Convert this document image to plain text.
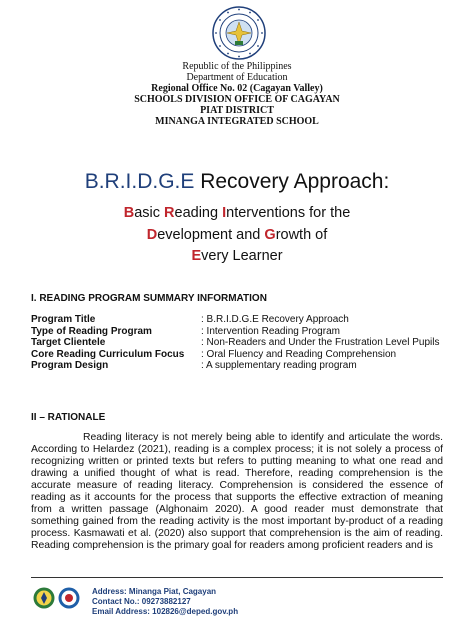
Republic of the Philippines
Department of Education
Regional Office No. 02 (Cagayan Valley)
SCHOOLS DIVISION OFFICE OF CAGAYAN
PIAT DISTRICT
MINANGA INTEGRATED SCHOOL
B.R.I.D.G.E Recovery Approach:
Basic Reading Interventions for the
Development and Growth of
Every Learner
I. READING PROGRAM SUMMARY INFORMATION
Program Title	: B.R.I.D.G.E Recovery Approach
Type of Reading Program	: Intervention Reading Program
Target Clientele	: Non-Readers and Under the Frustration Level Pupils
Core Reading Curriculum Focus : Oral Fluency and Reading Comprehension
Program Design	: A supplementary reading program
II – RATIONALE
Reading literacy is not merely being able to identify and articulate the words. According to Helardez (2021), reading is a complex process; it is not solely a process of recognizing written or printed texts but refers to putting meaning to what one read and drawing a unified thought of what is read. Therefore, reading comprehension is the accurate measure of reading literacy. Comprehension is considered the essence of reading as it accounts for the process that supports the effective extraction of meaning from a written passage (Alghonaim 2020). A good reader must demonstrate that something gained from the reading activity is the most important by-product of a reading process. Kasmawati et al. (2020) also support that comprehension is the aim of reading. Reading comprehension is the primary goal for readers among proficient readers and is
Address: Minanga Piat, Cagayan
Contact No.: 09273882127
Email Address: 102826@deped.gov.ph
